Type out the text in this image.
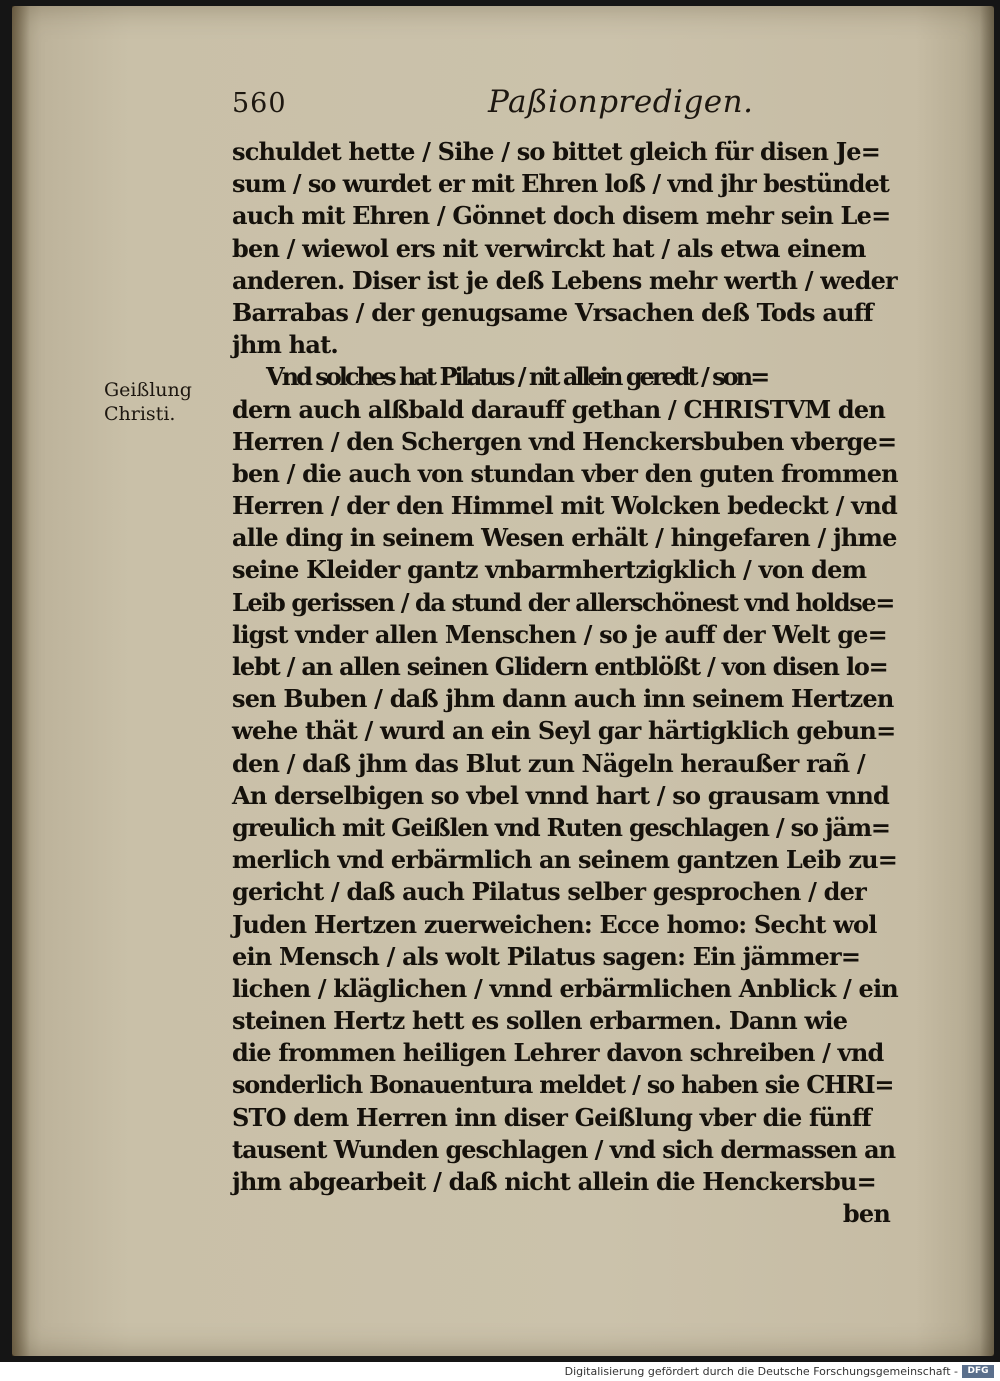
560	Paßionpredigen.
Geißlung
Christi.
schuldet hette / Sihe / so bittet gleich für disen Je=
sum / so wurdet er mit Ehren loß / vnd jhr bestündet
auch mit Ehren / Gönnet doch disem mehr sein Le=
ben / wiewol ers nit verwirckt hat / als etwa einem
anderen. Diser ist je deß Lebens mehr werth / weder
Barrabas / der genugsame Vrsachen deß Tods auff
jhm hat.
Vnd solches hat Pilatus / nit allein geredt / son=
dern auch alßbald darauff gethan / CHRISTVM den
Herren / den Schergen vnd Henckersbuben vberge=
ben / die auch von stundan vber den guten frommen
Herren / der den Himmel mit Wolcken bedeckt / vnd
alle ding in seinem Wesen erhält / hingefaren / jhme
seine Kleider gantz vnbarmhertzigklich / von dem
Leib gerissen / da stund der allerschönest vnd holdse=
ligst vnder allen Menschen / so je auff der Welt ge=
lebt / an allen seinen Glidern entblößt / von disen lo=
sen Buben / daß jhm dann auch inn seinem Hertzen
wehe thät / wurd an ein Seyl gar härtigklich gebun=
den / daß jhm das Blut zun Nägeln heraußer rañ /
An derselbigen so vbel vnnd hart / so grausam vnnd
greulich mit Geißlen vnd Ruten geschlagen / so jäm=
merlich vnd erbärmlich an seinem gantzen Leib zu=
gericht / daß auch Pilatus selber gesprochen / der
Juden Hertzen zuerweichen: Ecce homo: Secht wol
ein Mensch / als wolt Pilatus sagen: Ein jämmer=
lichen / kläglichen / vnnd erbärmlichen Anblick / ein
steinen Hertz hett es sollen erbarmen. Dann wie
die frommen heiligen Lehrer davon schreiben / vnd
sonderlich Bonauentura meldet / so haben sie CHRI=
STO dem Herren inn diser Geißlung vber die fünff
tausent Wunden geschlagen / vnd sich dermassen an
jhm abgearbeit / daß nicht allein die Henckersbu=
ben
Digitalisierung gefördert durch die Deutsche Forschungsgemeinschaft -	DFG
